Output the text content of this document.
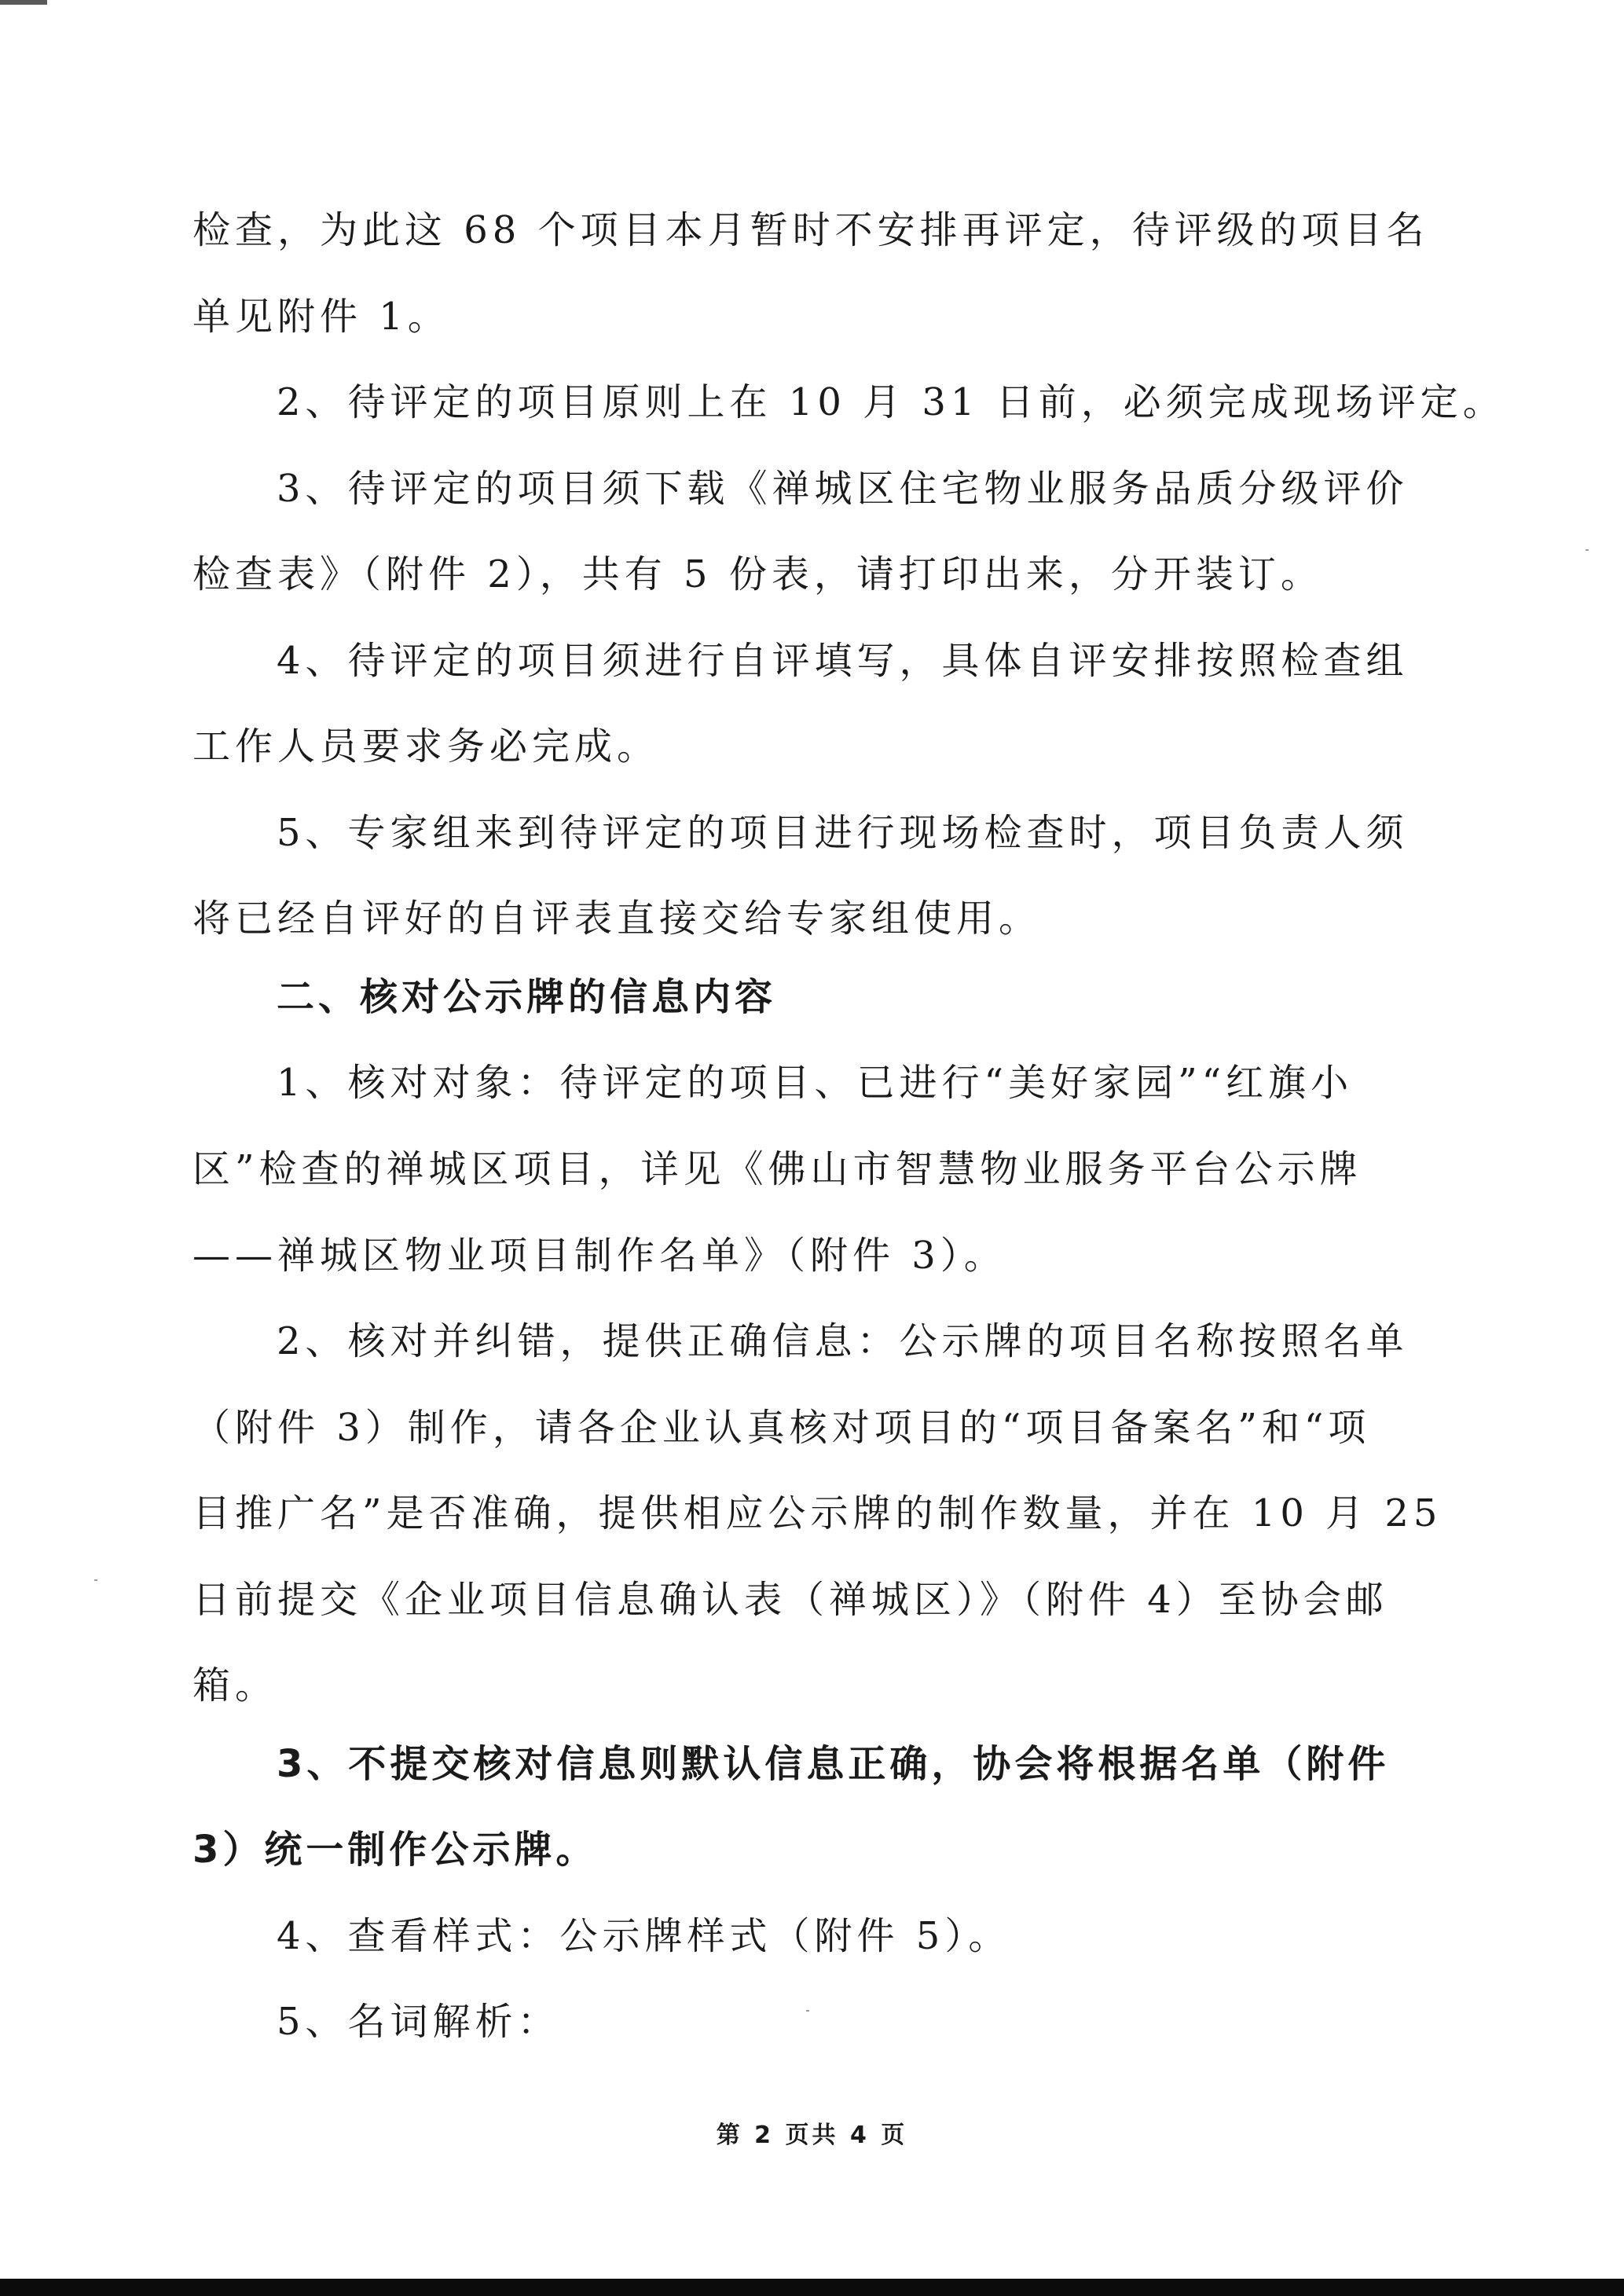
检查，为此这 68 个项目本月暂时不安排再评定，待评级的项目名
单见附件 1。
2、待评定的项目原则上在 10 月 31 日前，必须完成现场评定。
3、待评定的项目须下载《禅城区住宅物业服务品质分级评价
检查表》（附件 2），共有 5 份表，请打印出来，分开装订。
4、待评定的项目须进行自评填写，具体自评安排按照检查组
工作人员要求务必完成。
5、专家组来到待评定的项目进行现场检查时，项目负责人须
将已经自评好的自评表直接交给专家组使用。
二、核对公示牌的信息内容
1、核对对象：待评定的项目、已进行“美好家园”“红旗小
区”检查的禅城区项目，详见《佛山市智慧物业服务平台公示牌
——禅城区物业项目制作名单》（附件 3）。
2、核对并纠错，提供正确信息：公示牌的项目名称按照名单
（附件 3）制作，请各企业认真核对项目的“项目备案名”和“项
目推广名”是否准确，提供相应公示牌的制作数量，并在 10 月 25
日前提交《企业项目信息确认表（禅城区）》（附件 4）至协会邮
箱。
3、不提交核对信息则默认信息正确，协会将根据名单（附件
3）统一制作公示牌。
4、查看样式：公示牌样式（附件 5）。
5、名词解析：
第 2 页共 4 页
